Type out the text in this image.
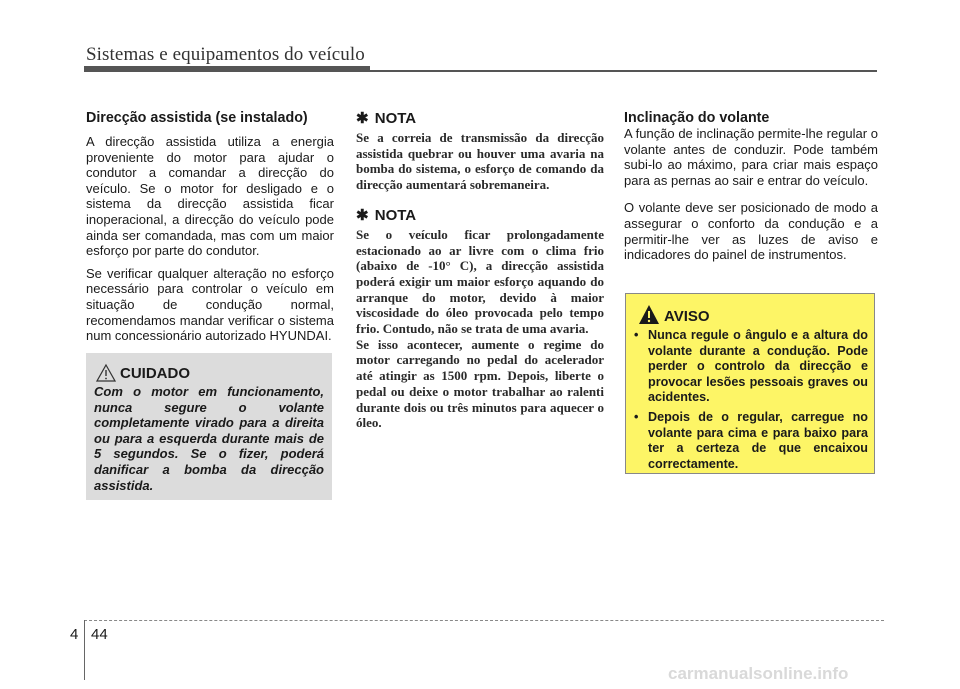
Sistemas e equipamentos do veículo
Direcção assistida (se instalado)

A direcção assistida utiliza a energia proveniente do motor para ajudar o condutor a comandar a direcção do veículo. Se o motor for desligado e o sistema da direcção assistida ficar inoperacional, a direcção do veículo pode ainda ser comandada, mas com um maior esforço por parte do condutor.

Se verificar qualquer alteração no esforço necessário para controlar o veículo em situação de condução normal, recomendamos mandar verificar o sistema num concessionário autorizado HYUNDAI.

CUIDADO
Com o motor em funcionamento, nunca segure o volante completamente virado para a direita ou para a esquerda durante mais de 5 segundos. Se o fizer, poderá danificar a bomba da direcção assistida.
✱ NOTA
Se a correia de transmissão da direcção assistida quebrar ou houver uma avaria na bomba do sistema, o esforço de comando da direcção aumentará sobremaneira.
✱ NOTA
Se o veículo ficar prolongadamente estacionado ao ar livre com o clima frio (abaixo de -10° C), a direcção assistida poderá exigir um maior esforço aquando do arranque do motor, devido à maior viscosidade do óleo provocada pelo tempo frio. Contudo, não se trata de uma avaria.
Se isso acontecer, aumente o regime do motor carregando no pedal do acelerador até atingir as 1500 rpm. Depois, liberte o pedal ou deixe o motor trabalhar ao ralenti durante dois ou três minutos para aquecer o óleo.
Inclinação do volante

A função de inclinação permite-lhe regular o volante antes de conduzir. Pode também subi-lo ao máximo, para criar mais espaço para as pernas ao sair e entrar do veículo.

O volante deve ser posicionado de modo a assegurar o conforto da condução e a permitir-lhe ver as luzes de aviso e indicadores do painel de instrumentos.

AVISO
• Nunca regule o ângulo e a altura do volante durante a condução. Pode perder o controlo da direcção e provocar lesões pessoais graves ou acidentes.
• Depois de o regular, carregue no volante para cima e para baixo para ter a certeza de que encaixou correctamente.
4 44
carmanualsonline.info
